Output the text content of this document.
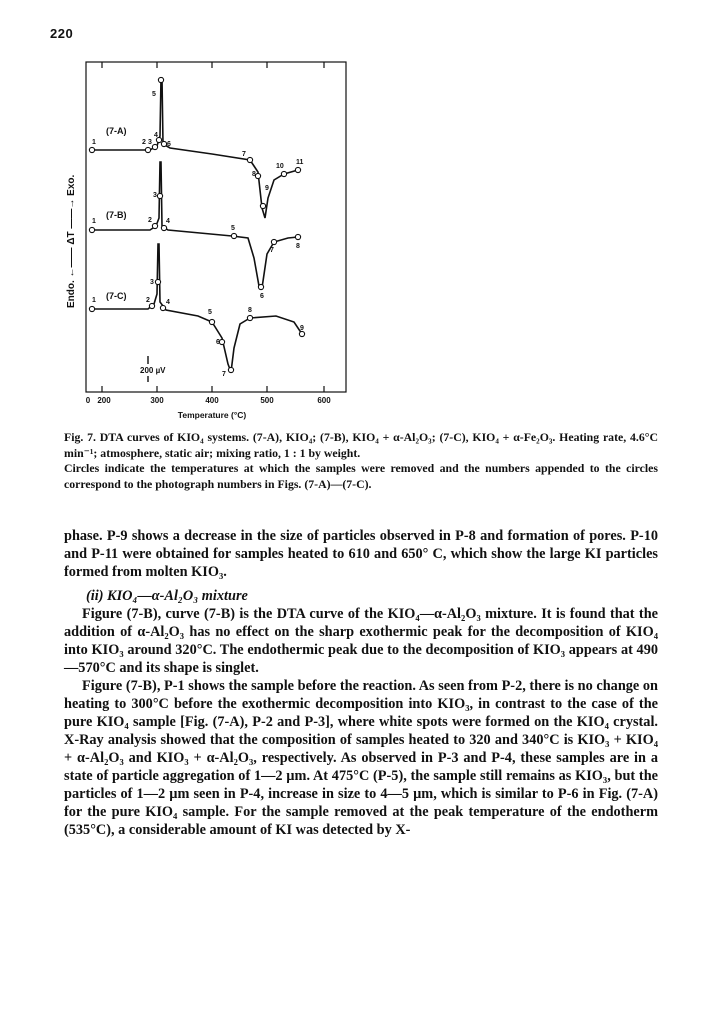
220
200 µV
(7-A)
(7-B)
(7-C)
1	2 3
4
5
6
7
8
9
10
11
1	2
3
4
5
6
7
8
1	2
3
4
5
6
7
8
9
Endo. ←—— ΔT ——→ Exo.
0 200	300	400	500	600
Temperature (°C)

Fig. 7. DTA curves of KIO₄ systems. (7-A), KIO₄; (7-B), KIO₄ + α-Al₂O₃; (7-C), KIO₄ + α-Fe₂O₃. Heating rate, 4.6°C min⁻¹; atmosphere, static air; mixing ratio, 1 : 1 by weight.

Circles indicate the temperatures at which the samples were removed and the numbers appended to the circles correspond to the photograph numbers in Figs. (7-A)—(7-C).

phase. P-9 shows a decrease in the size of particles observed in P-8 and formation of pores. P-10 and P-11 were obtained for samples heated to 610 and 650° C, which show the large KI particles formed from molten KIO₃.

(ii) KIO₄—α-Al₂O₃ mixture

Figure (7-B), curve (7-B) is the DTA curve of the KIO₄—α-Al₂O₃ mixture. It is found that the addition of α-Al₂O₃ has no effect on the sharp exothermic peak for the decomposition of KIO₄ into KIO₃ around 320°C. The endothermic peak due to the decomposition of KIO₃ appears at 490—570°C and its shape is singlet.

Figure (7-B), P-1 shows the sample before the reaction. As seen from P-2, there is no change on heating to 300°C before the exothermic decomposition into KIO₃, in contrast to the case of the pure KIO₄ sample [Fig. (7-A), P-2 and P-3], where white spots were formed on the KIO₄ crystal. X-Ray analysis showed that the composition of samples heated to 320 and 340°C is KIO₃ + KIO₄ + α-Al₂O₃ and KIO₃ + α-Al₂O₃, respectively. As observed in P-3 and P-4, these samples are in a state of particle aggregation of 1—2 µm. At 475°C (P-5), the sample still remains as KIO₃, but the particles of 1—2 µm seen in P-4, increase in size to 4—5 µm, which is similar to P-6 in Fig. (7-A) for the pure KIO₄ sample. For the sample removed at the peak temperature of the endotherm (535°C), a considerable amount of KI was detected by X-
